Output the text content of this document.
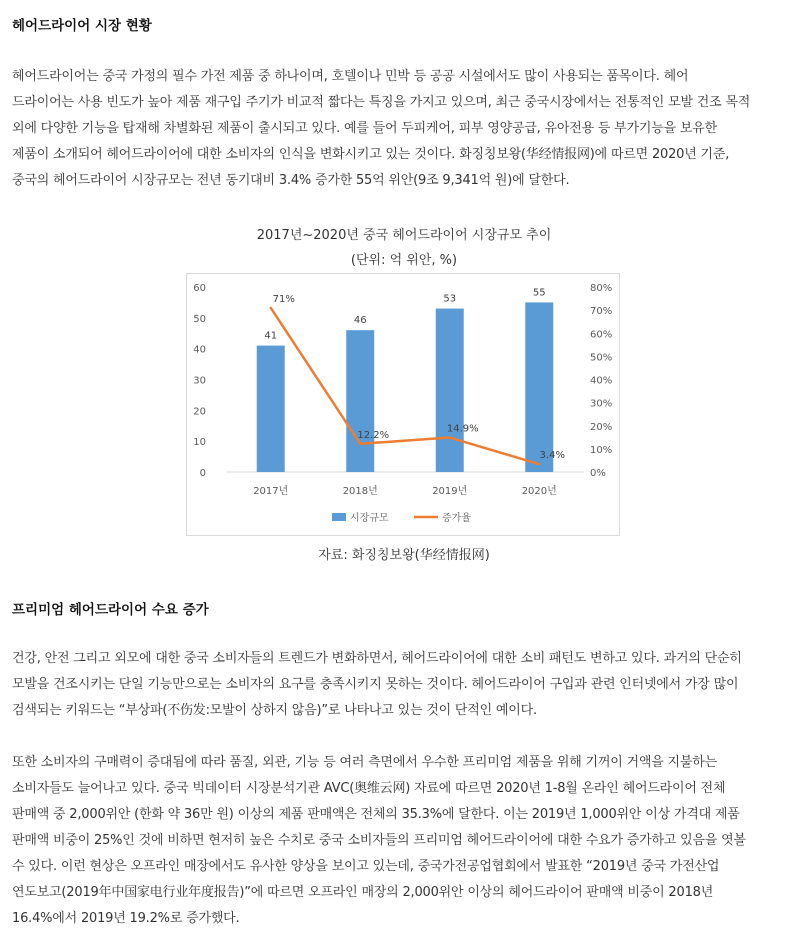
헤어드라이어 시장 현황
헤어드라이어는 중국 가정의 필수 가전 제품 중 하나이며, 호텔이나 민박 등 공공 시설에서도 많이 사용되는 품목이다. 헤어
드라이어는 사용 빈도가 높아 제품 재구입 주기가 비교적 짧다는 특징을 가지고 있으며, 최근 중국시장에서는 전통적인 모발 건조 목적
외에 다양한 기능을 탑재해 차별화된 제품이 출시되고 있다. 예를 들어 두피케어, 피부 영양공급, 유아전용 등 부가기능을 보유한
제품이 소개되어 헤어드라이어에 대한 소비자의 인식을 변화시키고 있는 것이다. 화징칭보왕(华经情报网)에 따르면 2020년 기준,
중국의 헤어드라이어 시장규모는 전년 동기대비 3.4% 증가한 55억 위안(9조 9,341억 원)에 달한다.
2017년~2020년 중국 헤어드라이어 시장규모 추이
(단위: 억 위안, %)
0
10
20
30
40
50
60
0%
10%
20%
30%
40%
50%
60%
70%
80%
41
46
53
55
71%
12.2%
14.9%
3.4%
2017년	2018년	2019년	2020년
시장규모	증가율
자료: 화징칭보왕(华经情报网)
프리미엄 헤어드라이어 수요 증가
건강, 안전 그리고 외모에 대한 중국 소비자들의 트렌드가 변화하면서, 헤어드라이어에 대한 소비 패턴도 변하고 있다. 과거의 단순히
모발을 건조시키는 단일 기능만으로는 소비자의 요구를 충족시키지 못하는 것이다. 헤어드라이어 구입과 관련 인터넷에서 가장 많이
검색되는 키워드는 “부상파(不伤发:모발이 상하지 않음)”로 나타나고 있는 것이 단적인 예이다.
또한 소비자의 구매력이 증대됨에 따라 품질, 외관, 기능 등 여러 측면에서 우수한 프리미엄 제품을 위해 기꺼이 거액을 지불하는
소비자들도 늘어나고 있다. 중국 빅데이터 시장분석기관 AVC(奥维云网) 자료에 따르면 2020년 1-8월 온라인 헤어드라이어 전체
판매액 중 2,000위안 (한화 약 36만 원) 이상의 제품 판매액은 전체의 35.3%에 달한다. 이는 2019년 1,000위안 이상 가격대 제품
판매액 비중이 25%인 것에 비하면 현저히 높은 수치로 중국 소비자들의 프리미엄 헤어드라이어에 대한 수요가 증가하고 있음을 엿볼
수 있다. 이런 현상은 오프라인 매장에서도 유사한 양상을 보이고 있는데, 중국가전공업협회에서 발표한 “2019년 중국 가전산업
연도보고(2019年中国家电行业年度报告)”에 따르면 오프라인 매장의 2,000위안 이상의 헤어드라이어 판매액 비중이 2018년
16.4%에서 2019년 19.2%로 증가했다.
